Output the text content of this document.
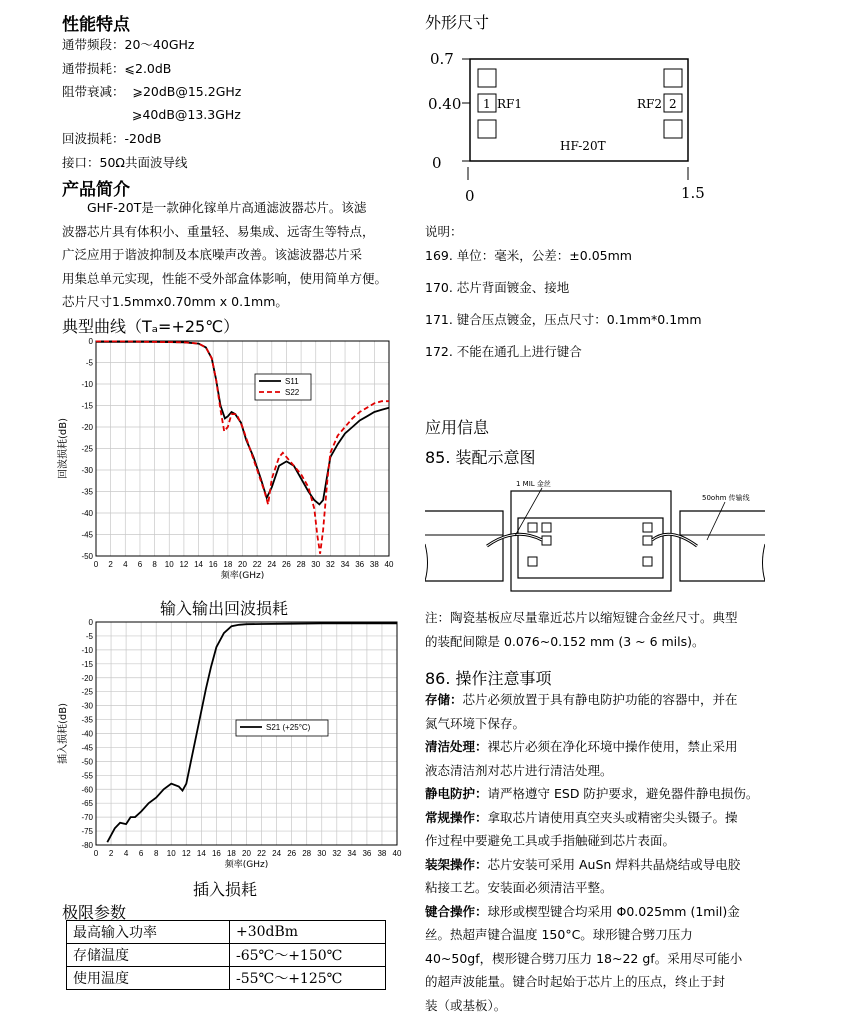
性能特点
通带频段：20～40GHz
通带损耗：⩽2.0dB
阻带衰减： ⩾20dB@15.2GHz
⩾40dB@13.3GHz
回波损耗：-20dB
接口：50Ω共面波导线
产品简介
GHF-20T是一款砷化镓单片高通滤波器芯片。该滤
波器芯片具有体积小、重量轻、易集成、远寄生等特点，
广泛应用于谐波抑制及本底噪声改善。该滤波器芯片采
用集总单元实现，性能不受外部盒体影响，使用简单方便。
芯片尺寸1.5mmx0.70mm x 0.1mm。
典型曲线（Tₐ=+25℃）
0 2 4 6 8 10 12 14 16 18 20 22 24 26 28 30 32 34 36 38 40
0
-5
-10
-15
-20
-25
-30
-35
-40
-45
-50
频率(GHz)
回波损耗(dB)
S11
S22
输入输出回波损耗
0 2 4 6 8 10 12 14 16 18 20 22 24 26 28 30 32 34 36 38 40
0
-5
-10
-15
-20
-25
-30
-35
-40
-45
-50
-55
-60
-65
-70
-75
-80
频率(GHz)
插入损耗(dB)	S21 (+25°C)
插入损耗
极限参数
最高输入功率	+30dBm
存储温度	-65℃～+150℃
使用温度	-55℃～+125℃
外形尺寸
0.7
0.40
0
0	1.5
1 RF1	RF2 2
HF-20T
说明：
169. 单位：毫米，公差：±0.05mm
170. 芯片背面镀金、接地
171. 键合压点镀金，压点尺寸：0.1mm*0.1mm
172. 不能在通孔上进行键合
应用信息
85. 装配示意图
1 MIL 金丝
50ohm 传输线
注：陶瓷基板应尽量靠近芯片以缩短键合金丝尺寸。典型
的装配间隙是 0.076~0.152 mm (3 ~ 6 mils)。
86. 操作注意事项
存储：芯片必须放置于具有静电防护功能的容器中，并在
氮气环境下保存。
清洁处理：裸芯片必须在净化环境中操作使用，禁止采用
液态清洁剂对芯片进行清洁处理。
静电防护：请严格遵守 ESD 防护要求，避免器件静电损伤。
常规操作：拿取芯片请使用真空夹头或精密尖头镊子。操
作过程中要避免工具或手指触碰到芯片表面。
装架操作：芯片安装可采用 AuSn 焊料共晶烧结或导电胶
粘接工艺。安装面必须清洁平整。
键合操作：球形或楔型键合均采用 Φ0.025mm (1mil)金
丝。热超声键合温度 150°C。球形键合劈刀压力
40~50gf，楔形键合劈刀压力 18~22 gf。采用尽可能小
的超声波能量。键合时起始于芯片上的压点，终止于封
装（或基板）。
